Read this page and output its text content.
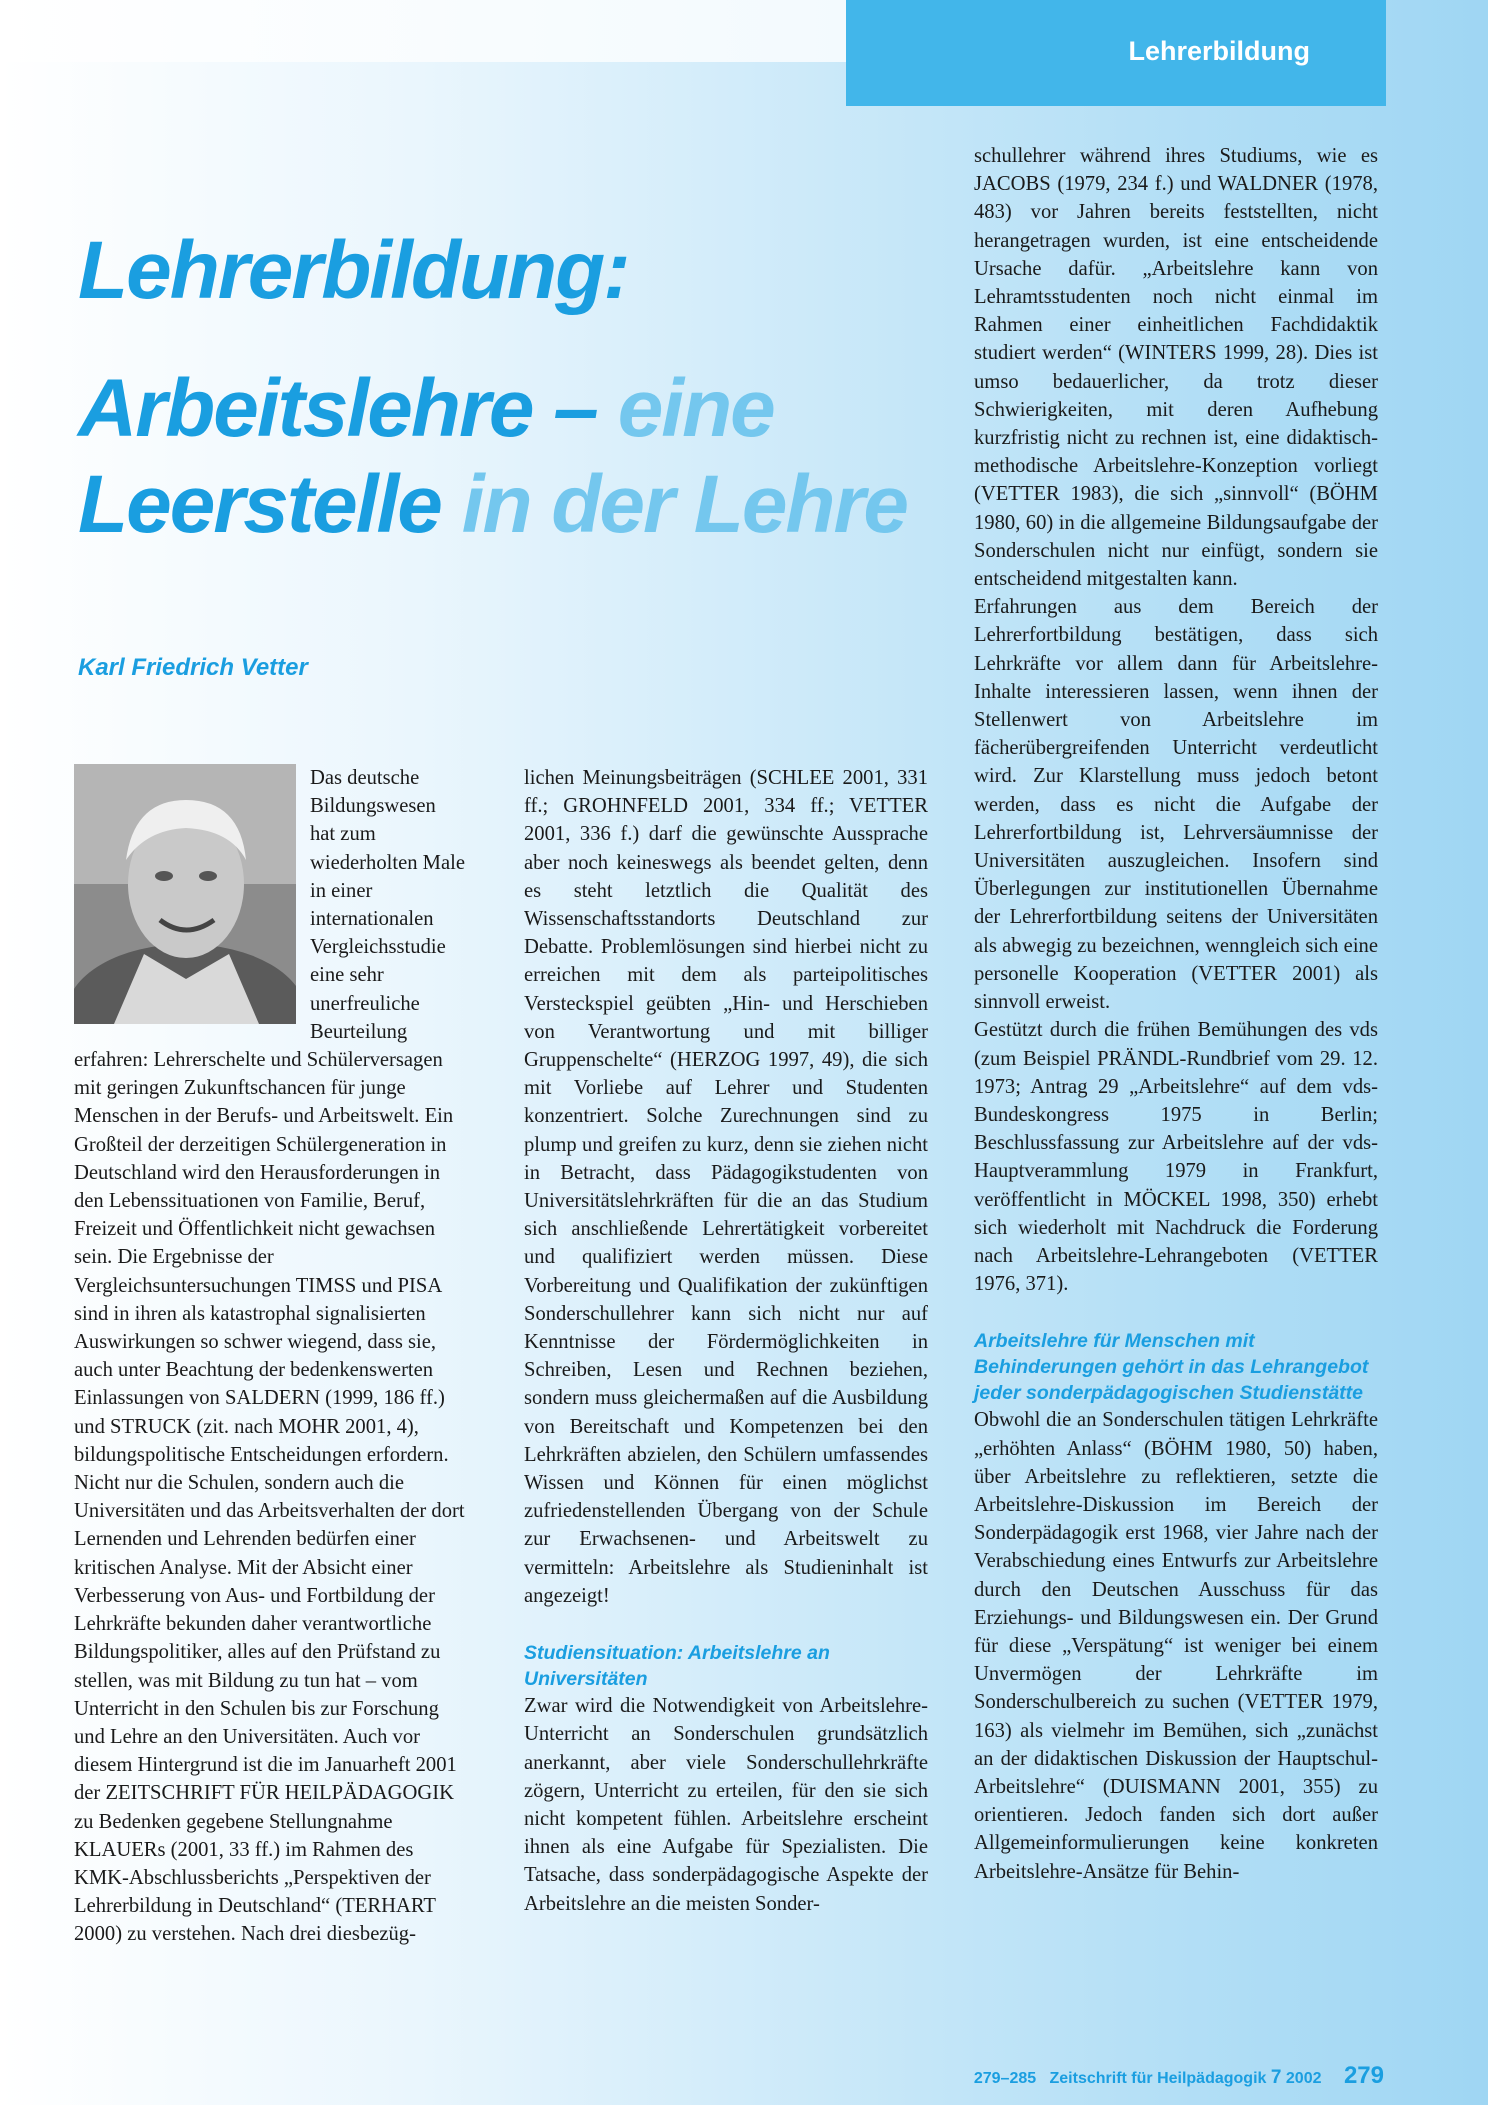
Lehrerbildung
Lehrerbildung:
Arbeitslehre – eine
Leerstelle in der Lehre

Karl Friedrich Vetter

Das deutsche Bildungswesen hat zum wiederholten Male in einer internationalen Vergleichsstudie eine sehr unerfreuliche Beurteilung erfahren: Lehrerschelte und Schülerversagen

mit geringen Zukunftschancen für junge Menschen in der Berufs- und Arbeitswelt. Ein Großteil der derzeitigen Schülergeneration in Deutschland wird den Herausforderungen in den Lebenssituationen von Familie, Beruf, Freizeit und Öffentlichkeit nicht gewachsen sein. Die Ergebnisse der Vergleichsuntersuchungen TIMSS und PISA sind in ihren als katastrophal signalisierten Auswirkungen so schwer wiegend, dass sie, auch unter Beachtung der bedenkenswerten Einlassungen von SALDERN (1999, 186 ff.) und STRUCK (zit. nach MOHR 2001, 4), bildungspolitische Entscheidungen erfordern. Nicht nur die Schulen, sondern auch die Universitäten und das Arbeitsverhalten der dort Lernenden und Lehrenden bedürfen einer kritischen Analyse. Mit der Absicht einer Verbesserung von Aus- und Fortbildung der Lehrkräfte bekunden daher verantwortliche Bildungspolitiker, alles auf den Prüfstand zu stellen, was mit Bildung zu tun hat – vom Unterricht in den Schulen bis zur Forschung und Lehre an den Universitäten. Auch vor diesem Hintergrund ist die im Januarheft 2001 der ZEITSCHRIFT FÜR HEILPÄDAGOGIK zu Bedenken gegebene Stellungnahme KLAUERs (2001, 33 ff.) im Rahmen des KMK-Abschlussberichts „Perspektiven der Lehrerbildung in Deutschland“ (TERHART 2000) zu verstehen. Nach drei diesbezüg-

lichen Meinungsbeiträgen (SCHLEE 2001, 331 ff.; GROHNFELD 2001, 334 ff.; VETTER 2001, 336 f.) darf die gewünschte Aussprache aber noch keineswegs als beendet gelten, denn es steht letztlich die Qualität des Wissenschaftsstandorts Deutschland zur Debatte. Problemlösungen sind hierbei nicht zu erreichen mit dem als parteipolitisches Versteckspiel geübten „Hin- und Herschieben von Verantwortung und mit billiger Gruppenschelte“ (HERZOG 1997, 49), die sich mit Vorliebe auf Lehrer und Studenten konzentriert. Solche Zurechnungen sind zu plump und greifen zu kurz, denn sie ziehen nicht in Betracht, dass Pädagogikstudenten von Universitätslehrkräften für die an das Studium sich anschließende Lehrertätigkeit vorbereitet und qualifiziert werden müssen. Diese Vorbereitung und Qualifikation der zukünftigen Sonderschullehrer kann sich nicht nur auf Kenntnisse der Fördermöglichkeiten in Schreiben, Lesen und Rechnen beziehen, sondern muss gleichermaßen auf die Ausbildung von Bereitschaft und Kompetenzen bei den Lehrkräften abzielen, den Schülern umfassendes Wissen und Können für einen möglichst zufriedenstellenden Übergang von der Schule zur Erwachsenen- und Arbeitswelt zu vermitteln: Arbeitslehre als Studieninhalt ist angezeigt!

Studiensituation: Arbeitslehre an Universitäten

Zwar wird die Notwendigkeit von Arbeitslehre-Unterricht an Sonderschulen grundsätzlich anerkannt, aber viele Sonderschullehrkräfte zögern, Unterricht zu erteilen, für den sie sich nicht kompetent fühlen. Arbeitslehre erscheint ihnen als eine Aufgabe für Spezialisten. Die Tatsache, dass sonderpädagogische Aspekte der Arbeitslehre an die meisten Sonder-

schullehrer während ihres Studiums, wie es JACOBS (1979, 234 f.) und WALDNER (1978, 483) vor Jahren bereits feststellten, nicht herangetragen wurden, ist eine entscheidende Ursache dafür. „Arbeitslehre kann von Lehramtsstudenten noch nicht einmal im Rahmen einer einheitlichen Fachdidaktik studiert werden“ (WINTERS 1999, 28). Dies ist umso bedauerlicher, da trotz dieser Schwierigkeiten, mit deren Aufhebung kurzfristig nicht zu rechnen ist, eine didaktisch-methodische Arbeitslehre-Konzeption vorliegt (VETTER 1983), die sich „sinnvoll“ (BÖHM 1980, 60) in die allgemeine Bildungsaufgabe der Sonderschulen nicht nur einfügt, sondern sie entscheidend mitgestalten kann.

Erfahrungen aus dem Bereich der Lehrerfortbildung bestätigen, dass sich Lehrkräfte vor allem dann für Arbeitslehre-Inhalte interessieren lassen, wenn ihnen der Stellenwert von Arbeitslehre im fächerübergreifenden Unterricht verdeutlicht wird. Zur Klarstellung muss jedoch betont werden, dass es nicht die Aufgabe der Lehrerfortbildung ist, Lehrversäumnisse der Universitäten auszugleichen. Insofern sind Überlegungen zur institutionellen Übernahme der Lehrerfortbildung seitens der Universitäten als abwegig zu bezeichnen, wenngleich sich eine personelle Kooperation (VETTER 2001) als sinnvoll erweist.

Gestützt durch die frühen Bemühungen des vds (zum Beispiel PRÄNDL-Rundbrief vom 29. 12. 1973; Antrag 29 „Arbeitslehre“ auf dem vds-Bundeskongress 1975 in Berlin; Beschlussfassung zur Arbeitslehre auf der vds-Hauptverammlung 1979 in Frankfurt, veröffentlicht in MÖCKEL 1998, 350) erhebt sich wiederholt mit Nachdruck die Forderung nach Arbeitslehre-Lehrangeboten (VETTER 1976, 371).

Arbeitslehre für Menschen mit Behinderungen gehört in das Lehrangebot jeder sonderpädagogischen Studienstätte

Obwohl die an Sonderschulen tätigen Lehrkräfte „erhöhten Anlass“ (BÖHM 1980, 50) haben, über Arbeitslehre zu reflektieren, setzte die Arbeitslehre-Diskussion im Bereich der Sonderpädagogik erst 1968, vier Jahre nach der Verabschiedung eines Entwurfs zur Arbeitslehre durch den Deutschen Ausschuss für das Erziehungs- und Bildungswesen ein. Der Grund für diese „Verspätung“ ist weniger bei einem Unvermögen der Lehrkräfte im Sonderschulbereich zu suchen (VETTER 1979, 163) als vielmehr im Bemühen, sich „zunächst an der didaktischen Diskussion der Hauptschul-Arbeitslehre“ (DUISMANN 2001, 355) zu orientieren. Jedoch fanden sich dort außer Allgemeinformulierungen keine konkreten Arbeitslehre-Ansätze für Behin-

279–285 Zeitschrift für Heilpädagogik 7 2002 279
